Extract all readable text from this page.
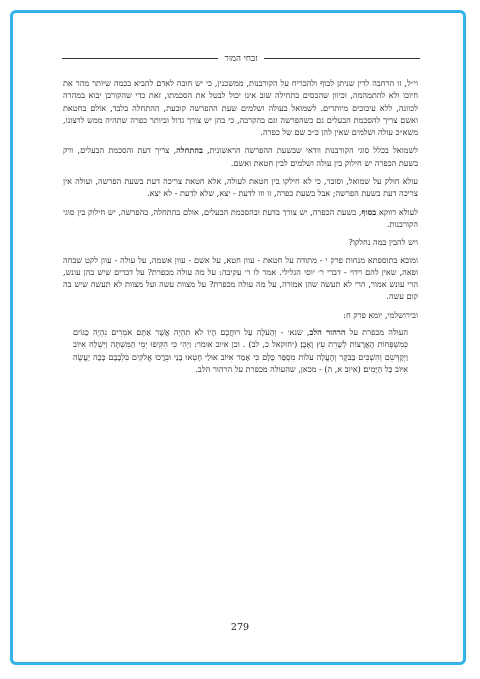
זבחי המור

וי״ל, זו הרחבה לדין שניתן לכוף ולהכריח על הקורבנות, ממשכנין, כי יש חובה לאדם להביא בכמה שיותר מהר את חיובו ולא להתמהמה, וכיוון שהכסים בתחילה שוב אינו יכול לבטל את הסכמתו, זאת כדי שהקורבן יבוא במהרה לכוונה, ללא עיכובים מיותרים. לשמואל בעולה ושלמים שעת ההפרשה קובעת, ההתחלה בלבד, אולם בחטאת ואשם צריך להסכמת הבעלים גם כשהפרשה וגם בהקרבה, כי בהן יש צורך גדול וביותר כפרה שתהיה ממש לרצונו, משא״כ עולה ושלמים שאין להן כ״כ שם של כפרה.

לשמואל בכלל סוגי הקורבנות וודאי שבשעת ההפרשה הראשונית, בהתחלה, צריך דעת והסכמת הבעלים, ורק בשעת הכפרה יש חילוק בין עולה ושלמים לבין חטאת ואשם.

עולא חולק על שמואל, וסובר, כי לא חילקו בין חטאת לעולה, אלא חטאת צריכה דעת בשעת הפרשה, ועולה אין צריכה דעת בשעת הפרשה; אבל בשעת כפרה, זו וזו לדעת - יצא, שלא לדעת - לא יצא.

לעולא דווקא בסוף, בשעת הכפרה, יש צורך בדעת ובהסכמת הבעלים, אולם בהתחלה, בהפרשה, יש חילוק בין סוגי הקורבנות.

ויש להבין במה נחלקו?

ומובא בתוספתא מנחות פרק י - מתודה על חטאת - עוון חטא, על אשם - עוון אשמה, על עולה - עוון לקט שכחה ופאה, שאין להם וידוי - דברי ר׳ יוסי הגלילי. אמר לו ר׳ עקיבה: על מה עולה מכפרת? על דברים שיש בהן עונש, הרי עונש אמור, הרי לא תעשה שהן אמורה, על מה עולה מכפרת? על מצוות עשה ועל מצוות לא תעשה שיש בה קום עשה.

ובירושלמי, יומא פרק ח:

העולה מכפרת על הרהור הלב, שנא׳ - וְהָעֹלָה עַל רוּחֲכֶם הָיוֹ לֹא תִהְיֶה אֲשֶׁר אַתֶּם אֹמְרִים נִהְיֶה כַּגּוֹיִם כְּמִשְׁפְּחוֹת הָאֲרָצוֹת לְשָׁרֵת עֵץ וָאָבֶן׃ (יחזקאל כ, לב) . וכן איוב אומר: וַיְהִי כִּי הִקִּיפוּ יְמֵי הַמִּשְׁתֶּה וַיִּשְׁלַח אִיּוֹב וַיְקַדְּשֵׁם וְהִשְׁכִּים בַּבֹּקֶר וְהֶעֱלָה עֹלוֹת מִסְפַּר כֻּלָּם כִּי אָמַר אִיּוֹב אוּלַי חָטְאוּ בָנַי וּבֵרֲכוּ אֱלֹקִים בִּלְבָבָם כָּכָה יַעֲשֶׂה אִיּוֹב כָּל הַיָּמִים׃ (איוב א, ה) - מכאן, שהעולה מכפרת על הרהור הלב.

279
